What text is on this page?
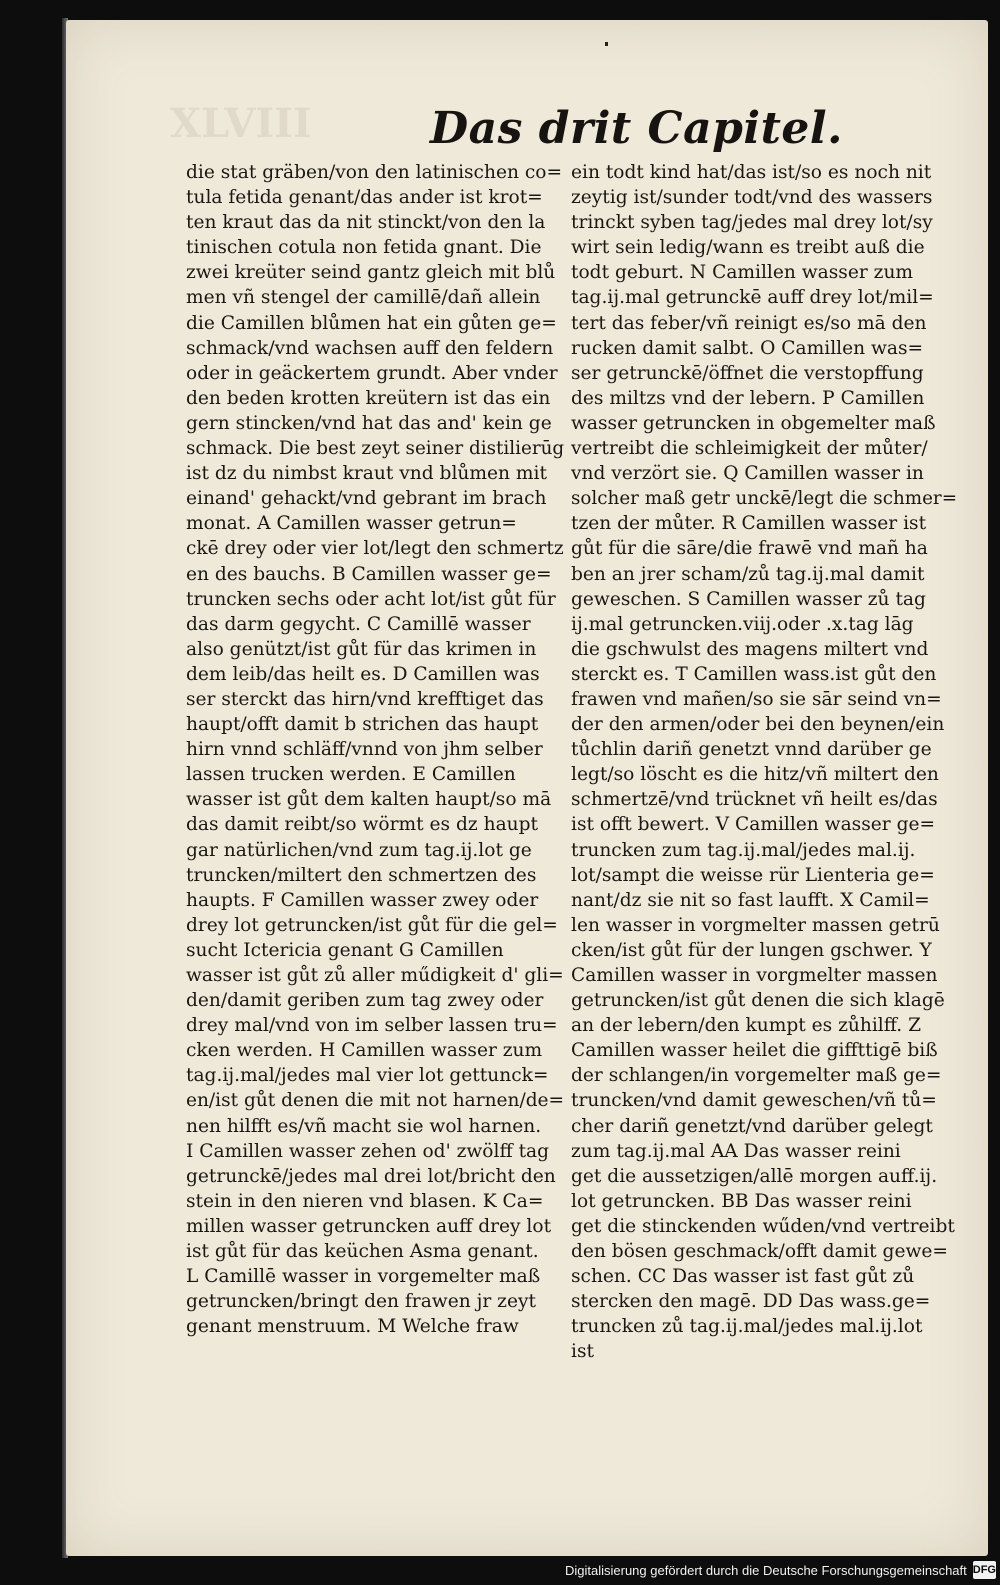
XLVIII	Das drit Capitel.
die stat gräben/von den latinischen co=
tula fetida genant/das ander ist krot=
ten kraut das da nit stinckt/von den la
tinischen cotula non fetida gnant. Die
zwei kreüter seind gantz gleich mit blů
men vñ stengel der camillē/dañ allein
die Camillen blůmen hat ein gůten ge=
schmack/vnd wachsen auff den feldern
oder in geäckertem grundt. Aber vnder
den beden krotten kreütern ist das ein
gern stincken/vnd hat das and' kein ge
schmack. Die best zeyt seiner distilierūg
ist dz du nimbst kraut vnd blůmen mit
einand' gehackt/vnd gebrant im brach
monat. A Camillen wasser getrun=
ckē drey oder vier lot/legt den schmertz
en des bauchs. B Camillen wasser ge=
truncken sechs oder acht lot/ist gůt für
das darm gegycht. C Camillē wasser
also genützt/ist gůt für das krimen in
dem leib/das heilt es. D Camillen was
ser sterckt das hirn/vnd krefftiget das
haupt/offt damit b strichen das haupt
hirn vnnd schläff/vnnd von jhm selber
lassen trucken werden. E Camillen
wasser ist gůt dem kalten haupt/so mā
das damit reibt/so wörmt es dz haupt
gar natürlichen/vnd zum tag.ij.lot ge
truncken/miltert den schmertzen des
haupts. F Camillen wasser zwey oder
drey lot getruncken/ist gůt für die gel=
sucht Ictericia genant G Camillen
wasser ist gůt zů aller műdigkeit d' gli=
den/damit geriben zum tag zwey oder
drey mal/vnd von im selber lassen tru=
cken werden. H Camillen wasser zum
tag.ij.mal/jedes mal vier lot gettunck=
en/ist gůt denen die mit not harnen/de=
nen hilfft es/vñ macht sie wol harnen.
I Camillen wasser zehen od' zwölff tag
getrunckē/jedes mal drei lot/bricht den
stein in den nieren vnd blasen. K Ca=
millen wasser getruncken auff drey lot
ist gůt für das keüchen Asma genant.
L Camillē wasser in vorgemelter maß
getruncken/bringt den frawen jr zeyt
genant menstruum. M Welche fraw
ein todt kind hat/das ist/so es noch nit
zeytig ist/sunder todt/vnd des wassers
trinckt syben tag/jedes mal drey lot/sy
wirt sein ledig/wann es treibt auß die
todt geburt. N Camillen wasser zum
tag.ij.mal getrunckē auff drey lot/mil=
tert das feber/vñ reinigt es/so mā den
rucken damit salbt. O Camillen was=
ser getrunckē/öffnet die verstopffung
des miltzs vnd der lebern. P Camillen
wasser getruncken in obgemelter maß
vertreibt die schleimigkeit der můter/
vnd verzört sie. Q Camillen wasser in
solcher maß getr unckē/legt die schmer=
tzen der můter. R Camillen wasser ist
gůt für die sāre/die frawē vnd mañ ha
ben an jrer scham/zů tag.ij.mal damit
geweschen. S Camillen wasser zů tag
ij.mal getruncken.viij.oder .x.tag lāg
die gschwulst des magens miltert vnd
sterckt es. T Camillen wass.ist gůt den
frawen vnd mañen/so sie sār seind vn=
der den armen/oder bei den beynen/ein
tůchlin dariñ genetzt vnnd darüber ge
legt/so löscht es die hitz/vñ miltert den
schmertzē/vnd trücknet vñ heilt es/das
ist offt bewert. V Camillen wasser ge=
truncken zum tag.ij.mal/jedes mal.ij.
lot/sampt die weisse rür Lienteria ge=
nant/dz sie nit so fast laufft. X Camil=
len wasser in vorgmelter massen getrū
cken/ist gůt für der lungen gschwer. Y
Camillen wasser in vorgmelter massen
getruncken/ist gůt denen die sich klagē
an der lebern/den kumpt es zůhilff. Z
Camillen wasser heilet die giffttigē biß
der schlangen/in vorgemelter maß ge=
truncken/vnd damit geweschen/vñ tů=
cher dariñ genetzt/vnd darüber gelegt
zum tag.ij.mal AA Das wasser reini
get die aussetzigen/allē morgen auff.ij.
lot getruncken. BB Das wasser reini
get die stinckenden wűden/vnd vertreibt
den bösen geschmack/offt damit gewe=
schen. CC Das wasser ist fast gůt zů
stercken den magē. DD Das wass.ge=
truncken zů tag.ij.mal/jedes mal.ij.lot
ist
Digitalisierung gefördert durch die Deutsche Forschungsgemeinschaft DFG
